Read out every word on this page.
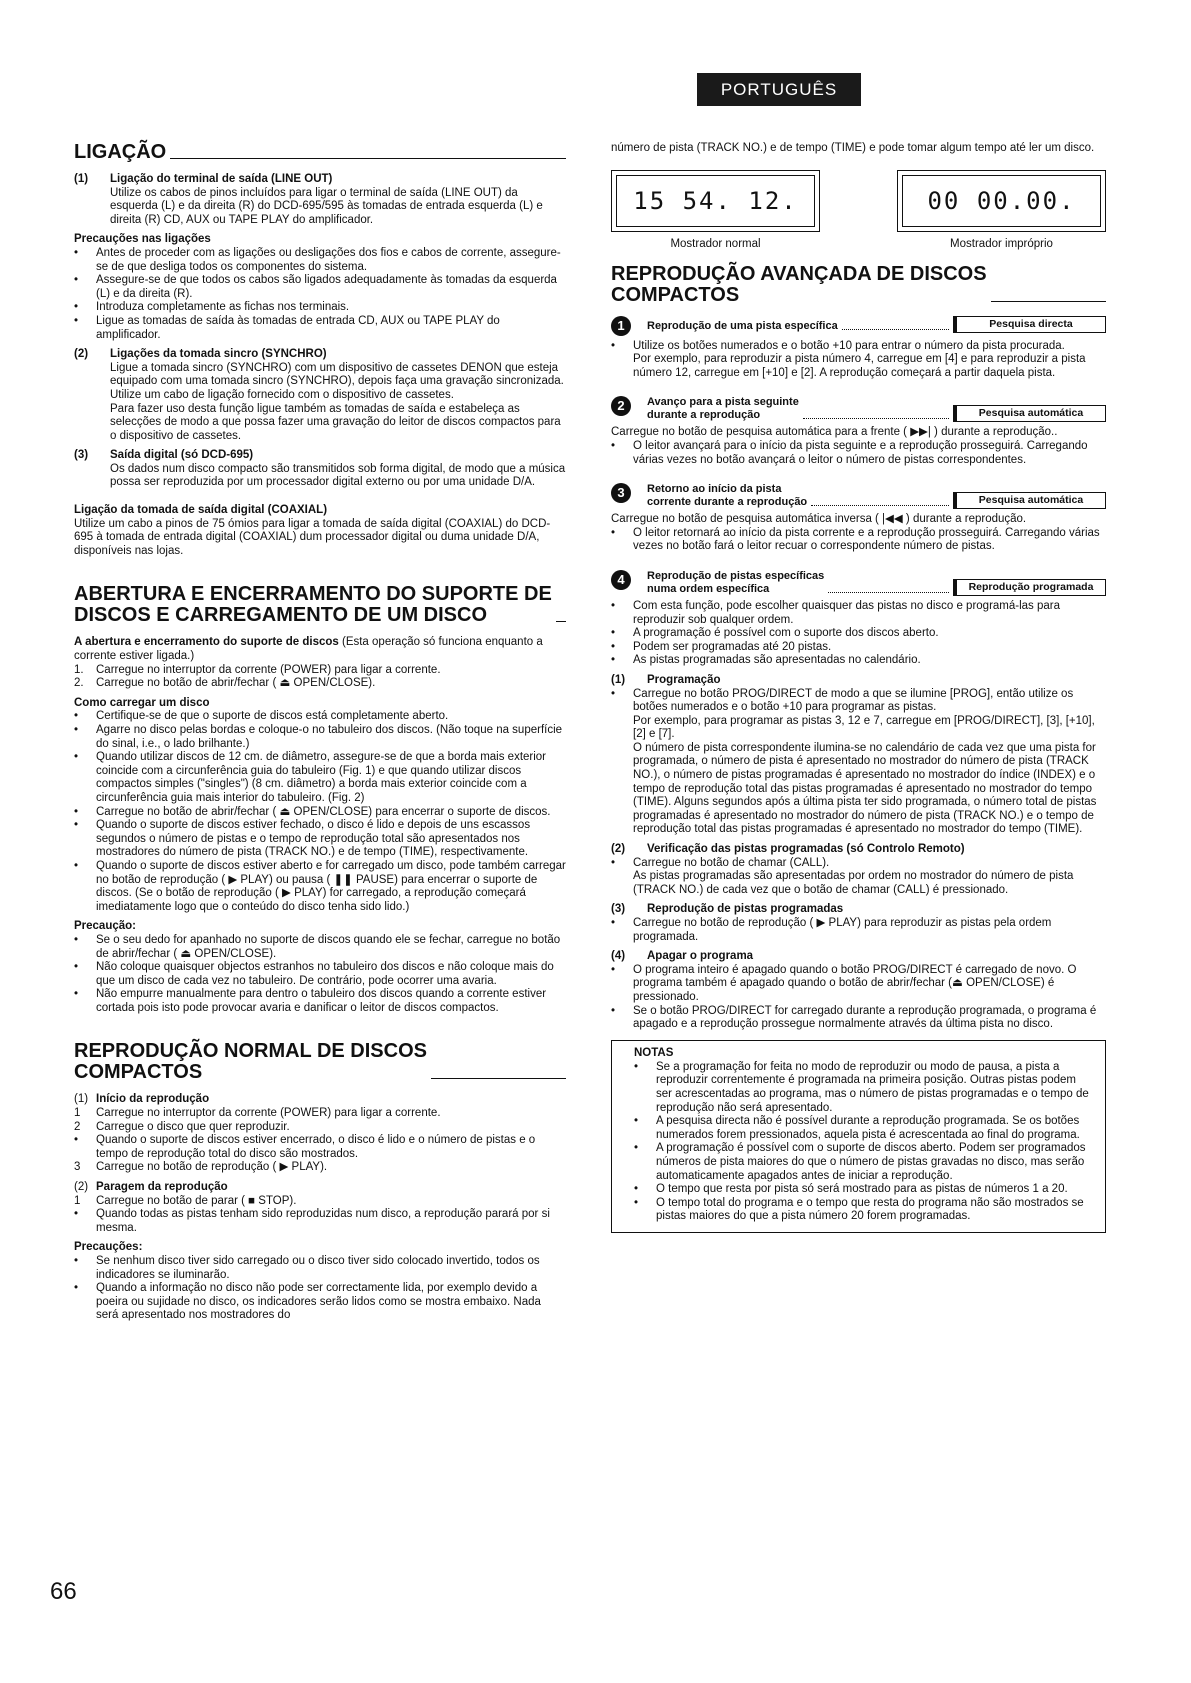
PORTUGUÊS
LIGAÇÃO
(1)	Ligação do terminal de saída (LINE OUT)
Utilize os cabos de pinos incluídos para ligar o terminal de saída (LINE OUT) da esquerda (L) e da direita (R) do DCD-695/595 às tomadas de entrada esquerda (L) e direita (R) CD, AUX ou TAPE PLAY do amplificador.
Precauções nas ligações
•	Antes de proceder com as ligações ou desligações dos fios e cabos de corrente, assegure-se de que desliga todos os componentes do sistema.
•	Assegure-se de que todos os cabos são ligados adequadamente às tomadas da esquerda (L) e da direita (R).
•	Introduza completamente as fichas nos terminais.
•	Ligue as tomadas de saída às tomadas de entrada CD, AUX ou TAPE PLAY do amplificador.
(2)	Ligações da tomada sincro (SYNCHRO)
Ligue a tomada sincro (SYNCHRO) com um dispositivo de cassetes DENON que esteja equipado com uma tomada sincro (SYNCHRO), depois faça uma gravação sincronizada. Utilize um cabo de ligação fornecido com o dispositivo de cassetes.
Para fazer uso desta função ligue também as tomadas de saída e estabeleça as selecções de modo a que possa fazer uma gravação do leitor de discos compactos para o dispositivo de cassetes.
(3)	Saída digital (só DCD-695)
Os dados num disco compacto são transmitidos sob forma digital, de modo que a música possa ser reproduzida por um processador digital externo ou por uma unidade D/A.
Ligação da tomada de saída digital (COAXIAL)
Utilize um cabo a pinos de 75 ómios para ligar a tomada de saída digital (COAXIAL) do DCD-695 à tomada de entrada digital (COAXIAL) dum processador digital ou duma unidade D/A, disponíveis nas lojas.
ABERTURA E ENCERRAMENTO DO SUPORTE DE
DISCOS E CARREGAMENTO DE UM DISCO
A abertura e encerramento do suporte de discos (Esta operação só funciona enquanto a corrente estiver ligada.)
1.	Carregue no interruptor da corrente (POWER) para ligar a corrente.
2.	Carregue no botão de abrir/fechar ( ⏏ OPEN/CLOSE).
Como carregar um disco
•	Certifique-se de que o suporte de discos está completamente aberto.
•	Agarre no disco pelas bordas e coloque-o no tabuleiro dos discos. (Não toque na superfície do sinal, i.e., o lado brilhante.)
•	Quando utilizar discos de 12 cm. de diâmetro, assegure-se de que a borda mais exterior coincide com a circunferência guia do tabuleiro (Fig. 1) e que quando utilizar discos compactos simples ("singles") (8 cm. diâmetro) a borda mais exterior coincide com a circunferência guia mais interior do tabuleiro. (Fig. 2)
•	Carregue no botão de abrir/fechar ( ⏏ OPEN/CLOSE) para encerrar o suporte de discos.
•	Quando o suporte de discos estiver fechado, o disco é lido e depois de uns escassos segundos o número de pistas e o tempo de reprodução total são apresentados nos mostradores do número de pista (TRACK NO.) e de tempo (TIME), respectivamente.
•	Quando o suporte de discos estiver aberto e for carregado um disco, pode também carregar no botão de reprodução ( ▶ PLAY) ou pausa ( ❚❚ PAUSE) para encerrar o suporte de discos. (Se o botão de reprodução ( ▶ PLAY) for carregado, a reprodução começará imediatamente logo que o conteúdo do disco tenha sido lido.)
Precaução:
•	Se o seu dedo for apanhado no suporte de discos quando ele se fechar, carregue no botão de abrir/fechar ( ⏏ OPEN/CLOSE).
•	Não coloque quaisquer objectos estranhos no tabuleiro dos discos e não coloque mais do que um disco de cada vez no tabuleiro. De contrário, pode ocorrer uma avaria.
•	Não empurre manualmente para dentro o tabuleiro dos discos quando a corrente estiver cortada pois isto pode provocar avaria e danificar o leitor de discos compactos.
REPRODUÇÃO NORMAL DE DISCOS
COMPACTOS
(1) Início da reprodução
1	Carregue no interruptor da corrente (POWER) para ligar a corrente.
2	Carregue o disco que quer reproduzir.
•	Quando o suporte de discos estiver encerrado, o disco é lido e o número de pistas e o tempo de reprodução total do disco são mostrados.
3	Carregue no botão de reprodução ( ▶ PLAY).
(2) Paragem da reprodução
1	Carregue no botão de parar ( ■ STOP).
•	Quando todas as pistas tenham sido reproduzidas num disco, a reprodução parará por si mesma.
Precauções:
•	Se nenhum disco tiver sido carregado ou o disco tiver sido colocado invertido, todos os indicadores se iluminarão.
•	Quando a informação no disco não pode ser correctamente lida, por exemplo devido a poeira ou sujidade no disco, os indicadores serão lidos como se mostra embaixo. Nada será apresentado nos mostradores do
número de pista (TRACK NO.) e de tempo (TIME) e pode tomar algum tempo até ler um disco.
15 54. 12.
Mostrador normal
00 00.00.
Mostrador impróprio
REPRODUÇÃO AVANÇADA DE DISCOS
COMPACTOS
1	Reprodução de uma pista específica	Pesquisa directa
•	Utilize os botões numerados e o botão +10 para entrar o número da pista procurada.
Por exemplo, para reproduzir a pista número 4, carregue em [4] e para reproduzir a pista número 12, carregue em [+10] e [2]. A reprodução começará a partir daquela pista.
2	Avanço para a pista seguinte
durante a reprodução	Pesquisa automática
Carregue no botão de pesquisa automática para a frente ( ▶▶| ) durante a reprodução..
•	O leitor avançará para o início da pista seguinte e a reprodução prosseguirá. Carregando várias vezes no botão avançará o leitor o número de pistas correspondentes.
3	Retorno ao início da pista
corrente durante a reprodução	Pesquisa automática
Carregue no botão de pesquisa automática inversa ( |◀◀ ) durante a reprodução.
•	O leitor retornará ao início da pista corrente e a reprodução prosseguirá. Carregando várias vezes no botão fará o leitor recuar o correspondente número de pistas.
4	Reprodução de pistas específicas
numa ordem específica	Reprodução programada
•	Com esta função, pode escolher quaisquer das pistas no disco e programá-las para reproduzir sob qualquer ordem.
•	A programação é possível com o suporte dos discos aberto.
•	Podem ser programadas até 20 pistas.
•	As pistas programadas são apresentadas no calendário.
(1)	Programação
•	Carregue no botão PROG/DIRECT de modo a que se ilumine [PROG], então utilize os botões numerados e o botão +10 para programar as pistas.
Por exemplo, para programar as pistas 3, 12 e 7, carregue em [PROG/DIRECT], [3], [+10], [2] e [7].
O número de pista correspondente ilumina-se no calendário de cada vez que uma pista for programada, o número de pista é apresentado no mostrador do número de pista (TRACK NO.), o número de pistas programadas é apresentado no mostrador do índice (INDEX) e o tempo de reprodução total das pistas programadas é apresentado no mostrador do tempo (TIME). Alguns segundos após a última pista ter sido programada, o número total de pistas programadas é apresentado no mostrador do número de pista (TRACK NO.) e o tempo de reprodução total das pistas programadas é apresentado no mostrador do tempo (TIME).
(2)	Verificação das pistas programadas (só Controlo Remoto)
•	Carregue no botão de chamar (CALL).
As pistas programadas são apresentadas por ordem no mostrador do número de pista (TRACK NO.) de cada vez que o botão de chamar (CALL) é pressionado.
(3)	Reprodução de pistas programadas
•	Carregue no botão de reprodução ( ▶ PLAY) para reproduzir as pistas pela ordem programada.
(4)	Apagar o programa
•	O programa inteiro é apagado quando o botão PROG/DIRECT é carregado de novo. O programa também é apagado quando o botão de abrir/fechar (⏏ OPEN/CLOSE) é pressionado.
•	Se o botão PROG/DIRECT for carregado durante a reprodução programada, o programa é apagado e a reprodução prossegue normalmente através da última pista no disco.
NOTAS
•	Se a programação for feita no modo de reproduzir ou modo de pausa, a pista a reproduzir correntemente é programada na primeira posição. Outras pistas podem ser acrescentadas ao programa, mas o número de pistas programadas e o tempo de reprodução não será apresentado.
•	A pesquisa directa não é possível durante a reprodução programada. Se os botões numerados forem pressionados, aquela pista é acrescentada ao final do programa.
•	A programação é possível com o suporte de discos aberto. Podem ser programados números de pista maiores do que o número de pistas gravadas no disco, mas serão automaticamente apagados antes de iniciar a reprodução.
•	O tempo que resta por pista só será mostrado para as pistas de números 1 a 20.
•	O tempo total do programa e o tempo que resta do programa não são mostrados se pistas maiores do que a pista número 20 forem programadas.
66
